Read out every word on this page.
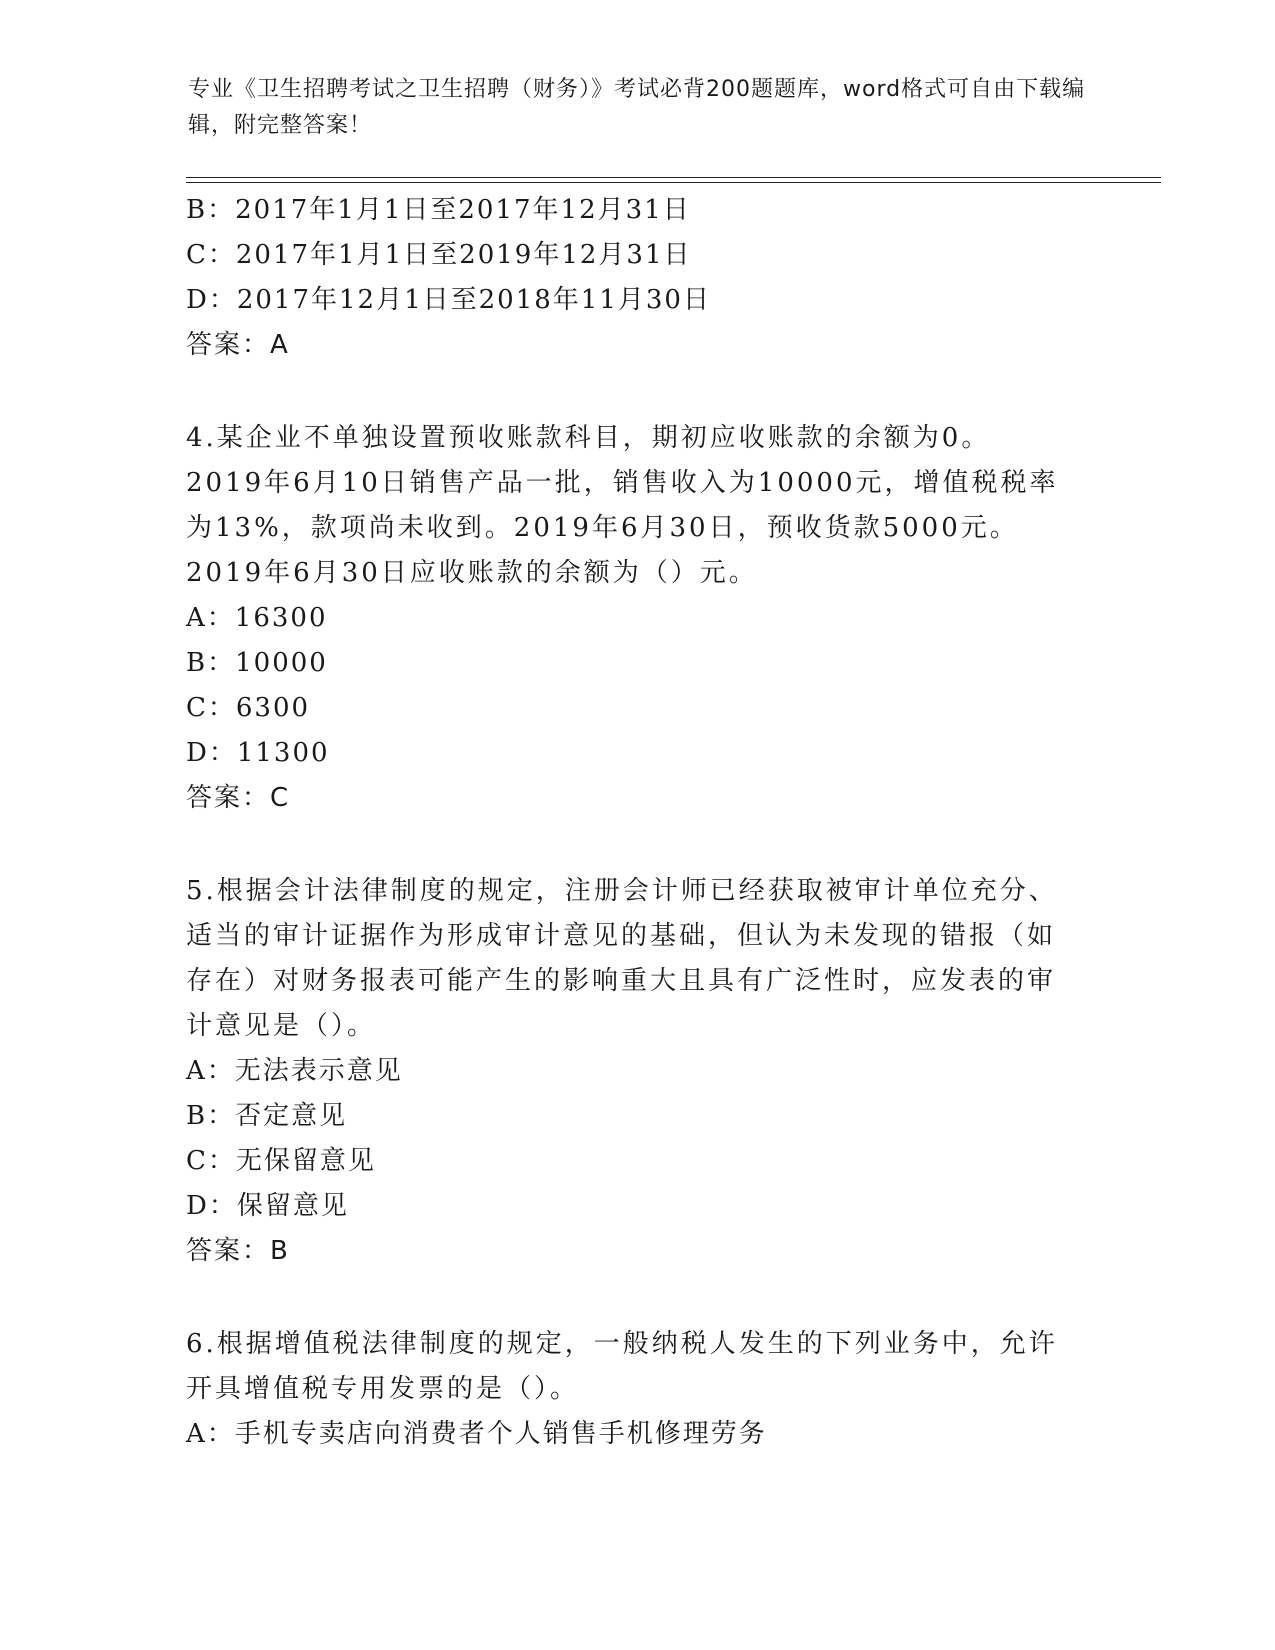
专业《卫生招聘考试之卫生招聘（财务）》考试必背200题题库，word格式可自由下载编辑，附完整答案！
B：2017年1月1日至2017年12月31日
C：2017年1月1日至2019年12月31日
D：2017年12月1日至2018年11月30日
答案：A
4.某企业不单独设置预收账款科目，期初应收账款的余额为0。2019年6月10日销售产品一批，销售收入为10000元，增值税税率为13%，款项尚未收到。2019年6月30日，预收货款5000元。2019年6月30日应收账款的余额为（）元。
A：16300
B：10000
C：6300
D：11300
答案：C
5.根据会计法律制度的规定，注册会计师已经获取被审计单位充分、适当的审计证据作为形成审计意见的基础，但认为未发现的错报（如存在）对财务报表可能产生的影响重大且具有广泛性时，应发表的审计意见是（）。
A：无法表示意见
B：否定意见
C：无保留意见
D：保留意见
答案：B
6.根据增值税法律制度的规定，一般纳税人发生的下列业务中，允许开具增值税专用发票的是（）。
A：手机专卖店向消费者个人销售手机修理劳务
